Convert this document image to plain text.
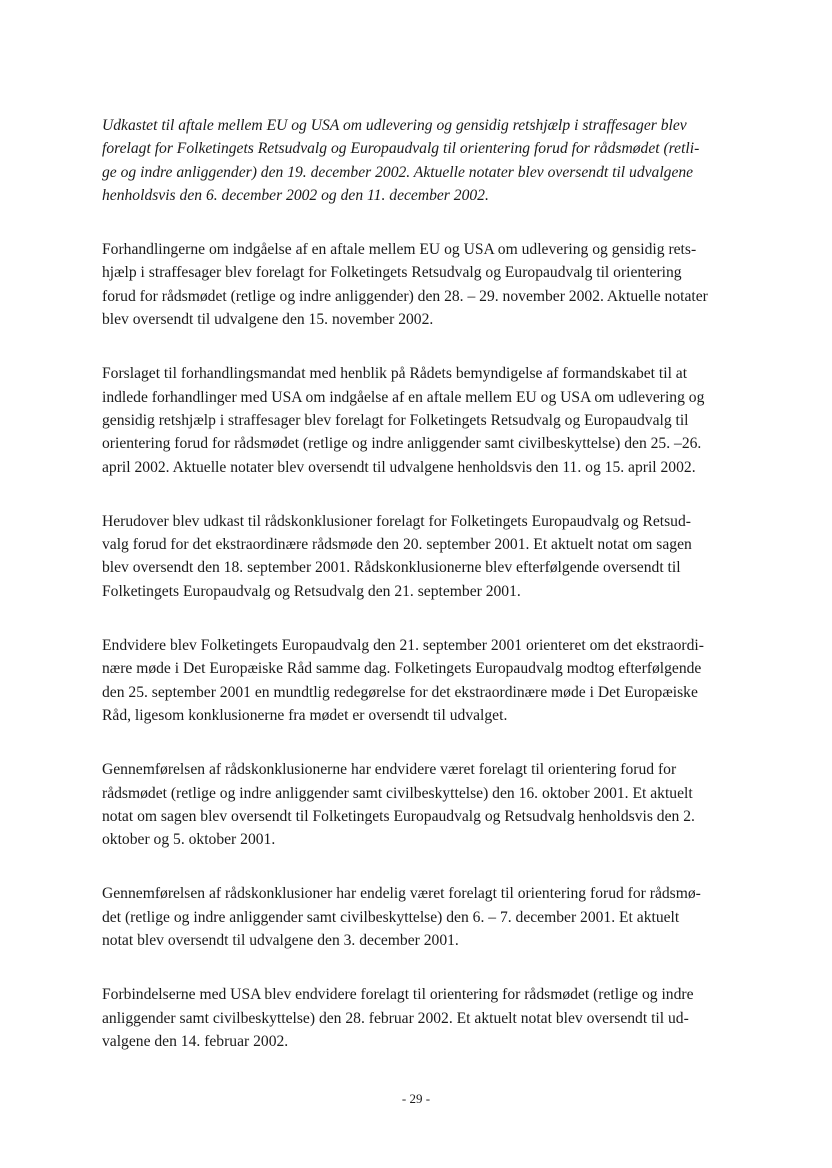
Udkastet til aftale mellem EU og USA om udlevering og gensidig retshjælp i straffesager blev
forelagt for Folketingets Retsudvalg og Europaudvalg til orientering forud for rådsmødet (retli-
ge og indre anliggender) den 19. december 2002. Aktuelle notater blev oversendt til udvalgene
henholdsvis den 6. december 2002 og den 11. december 2002.

Forhandlingerne om indgåelse af en aftale mellem EU og USA om udlevering og gensidig rets-
hjælp i straffesager blev forelagt for Folketingets Retsudvalg og Europaudvalg til orientering
forud for rådsmødet (retlige og indre anliggender) den 28. – 29. november 2002. Aktuelle notater
blev oversendt til udvalgene den 15. november 2002.

Forslaget til forhandlingsmandat med henblik på Rådets bemyndigelse af formandskabet til at
indlede forhandlinger med USA om indgåelse af en aftale mellem EU og USA om udlevering og
gensidig retshjælp i straffesager blev forelagt for Folketingets Retsudvalg og Europaudvalg til
orientering forud for rådsmødet (retlige og indre anliggender samt civilbeskyttelse) den 25. –26.
april 2002. Aktuelle notater blev oversendt til udvalgene henholdsvis den 11. og 15. april 2002.

Herudover blev udkast til rådskonklusioner forelagt for Folketingets Europaudvalg og Retsud-
valg forud for det ekstraordinære rådsmøde den 20. september 2001. Et aktuelt notat om sagen
blev oversendt den 18. september 2001. Rådskonklusionerne blev efterfølgende oversendt til
Folketingets Europaudvalg og Retsudvalg den 21. september 2001.

Endvidere blev Folketingets Europaudvalg den 21. september 2001 orienteret om det ekstraordi-
nære møde i Det Europæiske Råd samme dag. Folketingets Europaudvalg modtog efterfølgende
den 25. september 2001 en mundtlig redegørelse for det ekstraordinære møde i Det Europæiske
Råd, ligesom konklusionerne fra mødet er oversendt til udvalget.

Gennemførelsen af rådskonklusionerne har endvidere været forelagt til orientering forud for
rådsmødet (retlige og indre anliggender samt civilbeskyttelse) den 16. oktober 2001. Et aktuelt
notat om sagen blev oversendt til Folketingets Europaudvalg og Retsudvalg henholdsvis den 2.
oktober og 5. oktober 2001.

Gennemførelsen af rådskonklusioner har endelig været forelagt til orientering forud for rådsmø-
det (retlige og indre anliggender samt civilbeskyttelse) den 6. – 7. december 2001. Et aktuelt
notat blev oversendt til udvalgene den 3. december 2001.

Forbindelserne med USA blev endvidere forelagt til orientering for rådsmødet (retlige og indre
anliggender samt civilbeskyttelse) den 28. februar 2002. Et aktuelt notat blev oversendt til ud-
valgene den 14. februar 2002.

- 29 -
